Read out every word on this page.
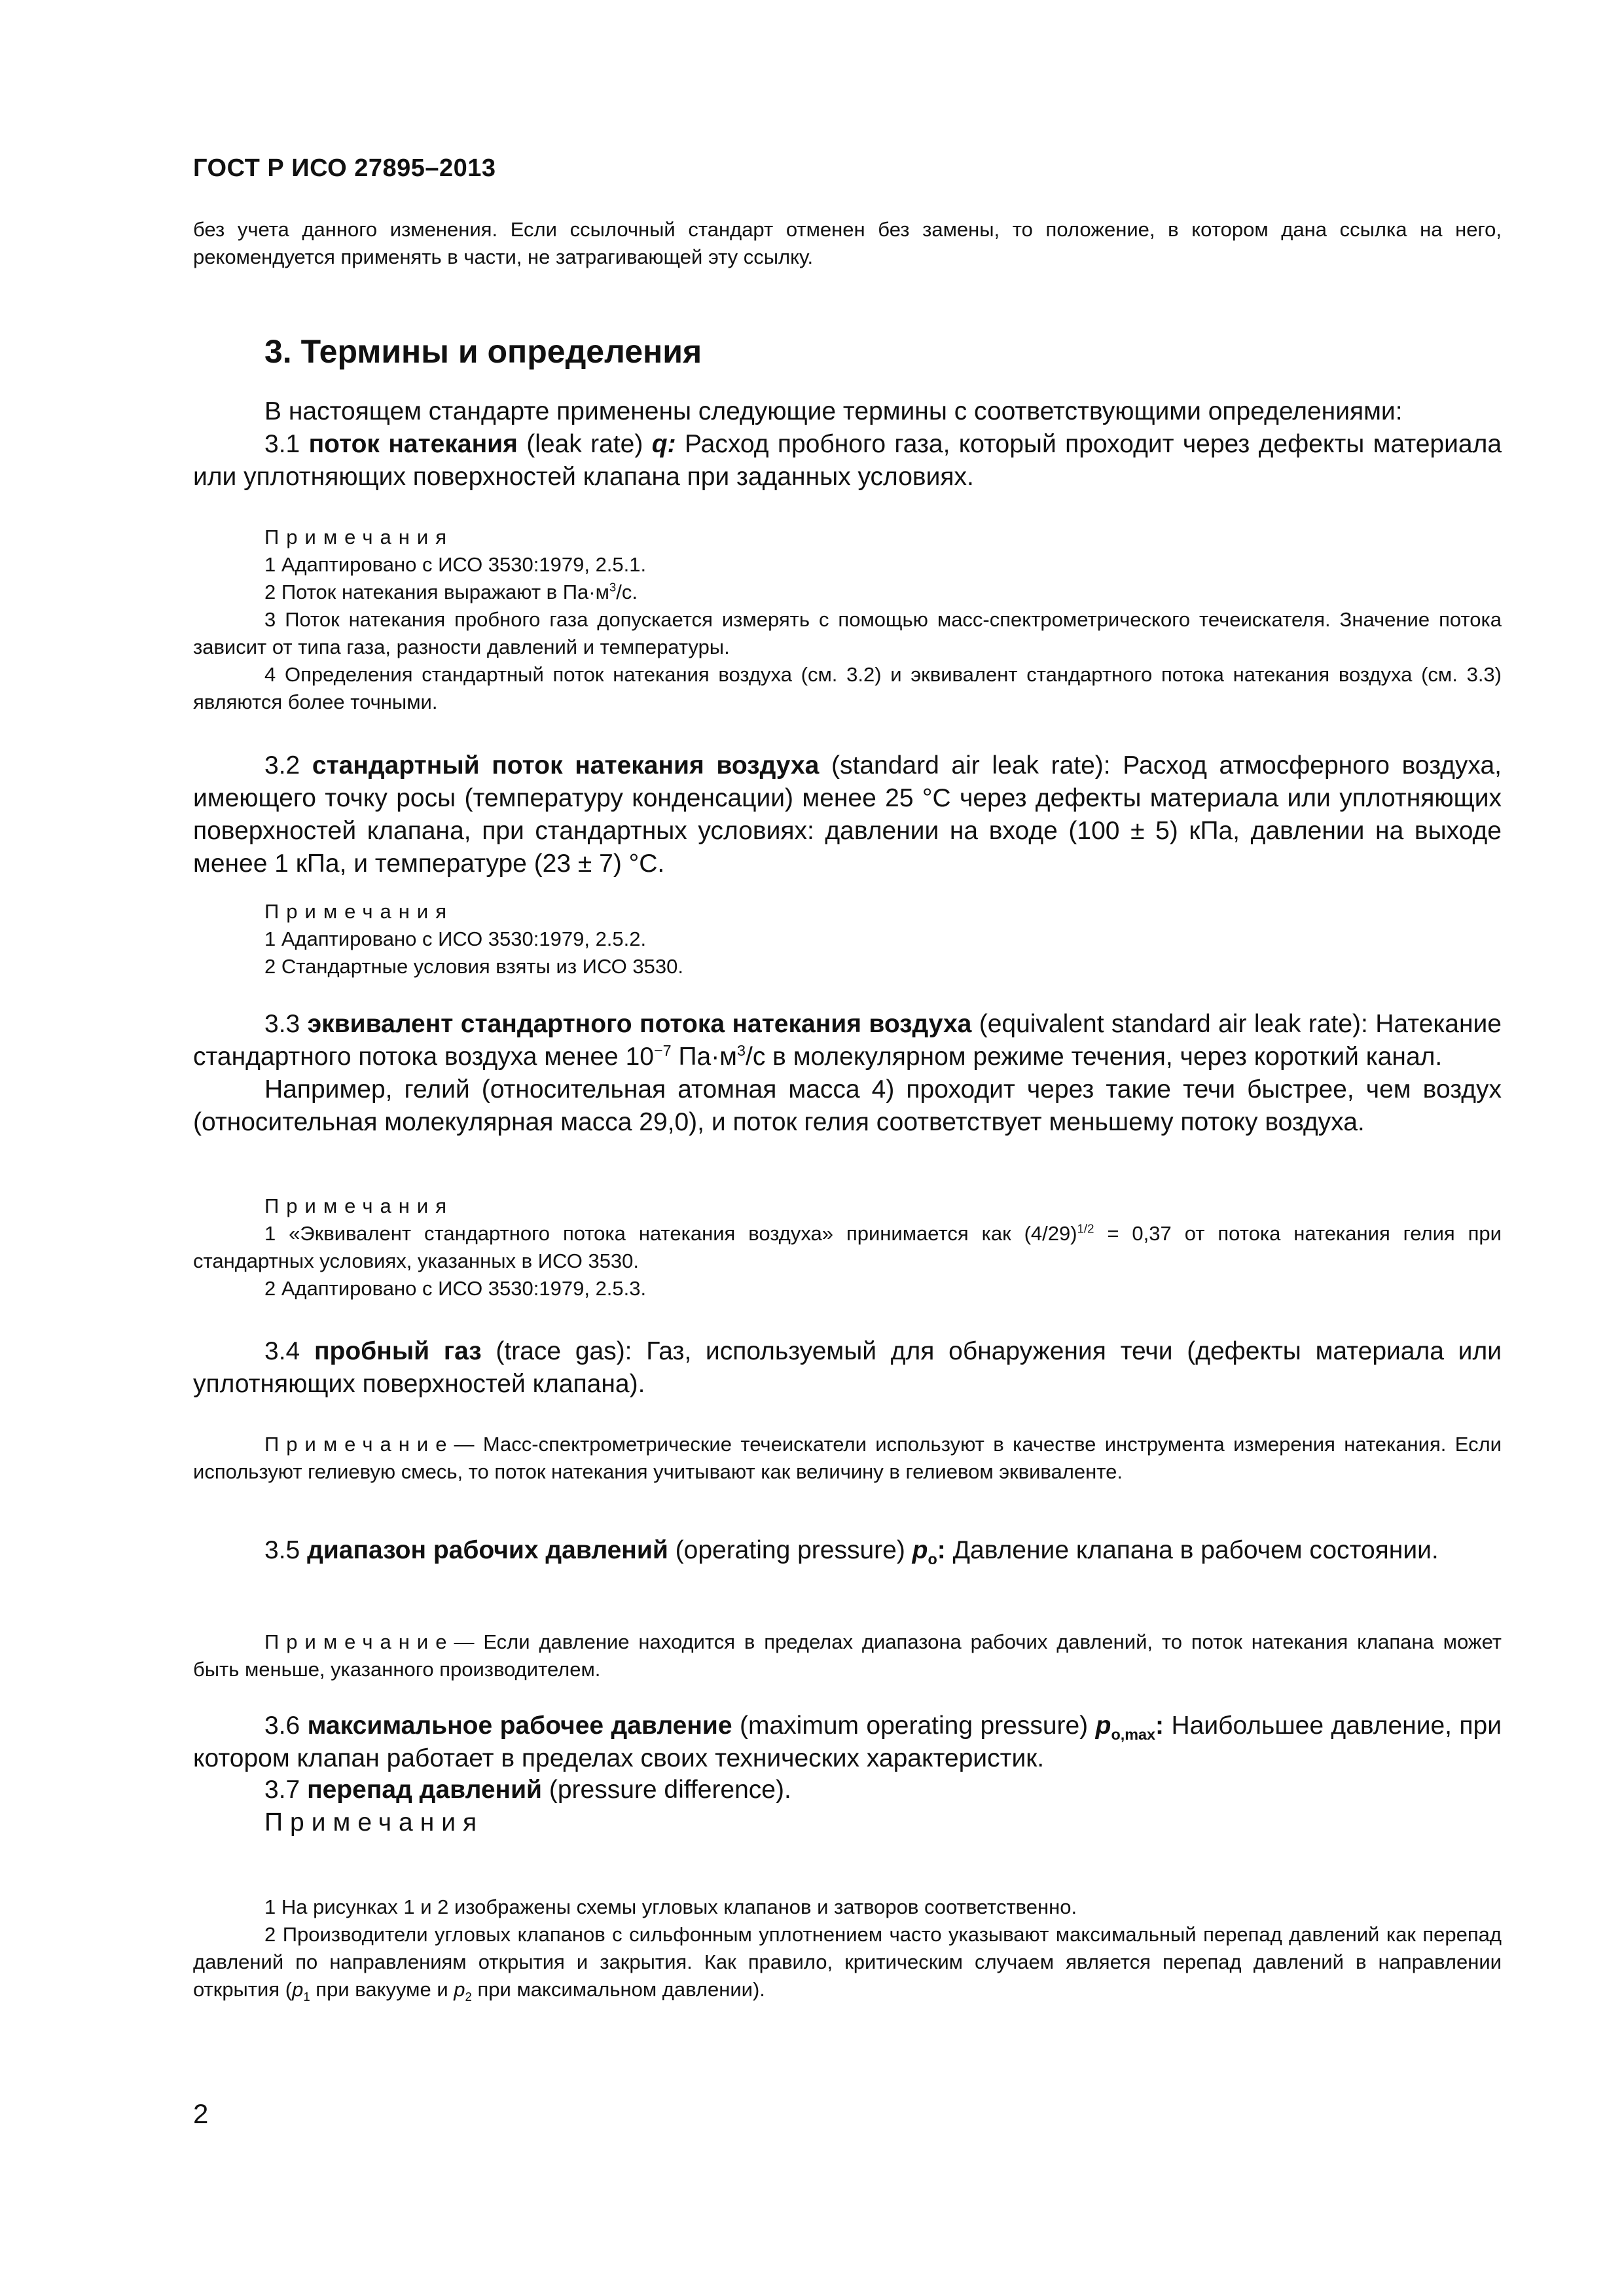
ГОСТ Р ИСО 27895–2013
без учета данного изменения. Если ссылочный стандарт отменен без замены, то положение, в котором дана ссылка на него, рекомендуется применять в части, не затрагивающей эту ссылку.
3. Термины и определения

В настоящем стандарте применены следующие термины с соответствующими определениями:

3.1 поток натекания (leak rate) q: Расход пробного газа, который проходит через дефекты материала или уплотняющих поверхностей клапана при заданных условиях.

Примечания

1 Адаптировано с ИСО 3530:1979, 2.5.1.

2 Поток натекания выражают в $Па\cdot м^3/с$.

3 Поток натекания пробного газа допускается измерять с помощью масс-спектрометрического течеискателя. Значение потока зависит от типа газа, разности давлений и температуры.

4 Определения стандартный поток натекания воздуха (см. 3.2) и эквивалент стандартного потока натекания воздуха (см. 3.3) являются более точными.

3.2 стандартный поток натекания воздуха (standard air leak rate): Расход атмосферного воздуха, имеющего точку росы (температуру конденсации) менее 25 °С через дефекты материала или уплотняющих поверхностей клапана, при стандартных условиях: давлении на входе (100 ± 5) кПа, давлении на выходе менее 1 кПа, и температуре (23 ± 7) °С.

Примечания

1 Адаптировано с ИСО 3530:1979, 2.5.2.

2 Стандартные условия взяты из ИСО 3530.

3.3 эквивалент стандартного потока натекания воздуха (equivalent standard air leak rate): Натекание стандартного потока воздуха менее $10^{-7}$ $Па\cdot м^3/с$ в молекулярном режиме течения, через короткий канал.

Например, гелий (относительная атомная масса 4) проходит через такие течи быстрее, чем воздух (относительная молекулярная масса 29,0), и поток гелия соответствует меньшему потоку воздуха.

Примечания

1 «Эквивалент стандартного потока натекания воздуха» принимается как $(4/29)^{1/2} = 0,37$ от потока натекания гелия при стандартных условиях, указанных в ИСО 3530.

2 Адаптировано с ИСО 3530:1979, 2.5.3.

3.4 пробный газ (trace gas): Газ, используемый для обнаружения течи (дефекты материала или уплотняющих поверхностей клапана).

Примечание— Масс-спектрометрические течеискатели используют в качестве инструмента измерения натекания. Если используют гелиевую смесь, то поток натекания учитывают как величину в гелиевом эквиваленте.

3.5 диапазон рабочих давлений (operating pressure) $p_o$: Давление клапана в рабочем состоянии.

Примечание— Если давление находится в пределах диапазона рабочих давлений, то поток натекания клапана может быть меньше, указанного производителем.

3.6 максимальное рабочее давление (maximum operating pressure) $p_{o,max}$: Наибольшее давление, при котором клапан работает в пределах своих технических характеристик.

3.7 перепад давлений (pressure difference).

Примечания

1 На рисунках 1 и 2 изображены схемы угловых клапанов и затворов соответственно.

2 Производители угловых клапанов с сильфонным уплотнением часто указывают максимальный перепад давлений как перепад давлений по направлениям открытия и закрытия. Как правило, критическим случаем является перепад давлений в направлении открытия ($p_1$ при вакууме и $p_2$ при максимальном давлении).

2
